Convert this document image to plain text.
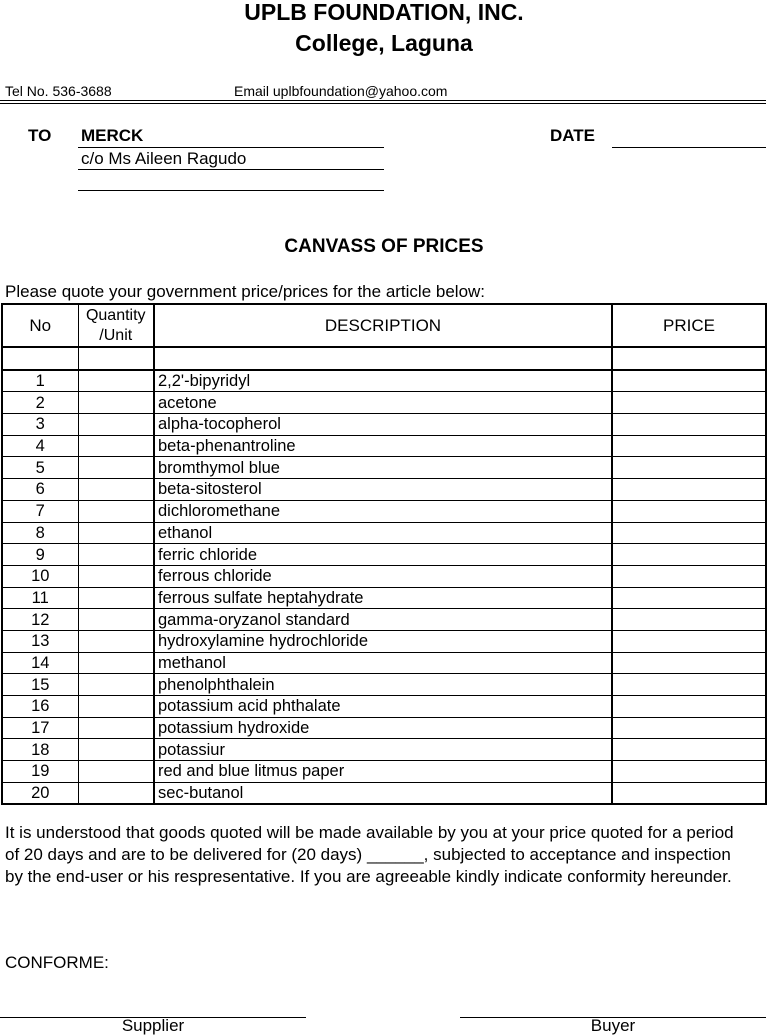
UPLB FOUNDATION, INC.
College, Laguna
Tel No. 536-3688	Email uplbfoundation@yahoo.com
TO MERCK
c/o Ms Aileen Ragudo
DATE
CANVASS OF PRICES
Please quote your government price/prices for the article below:
No	Quantity /Unit	DESCRIPTION	PRICE

1		2,2'-bipyridyl	
2		acetone	
3		alpha-tocopherol	
4		beta-phenantroline	
5		bromthymol blue	
6		beta-sitosterol	
7		dichloromethane	
8		ethanol	
9		ferric chloride	
10		ferrous chloride	
11		ferrous sulfate heptahydrate	
12		gamma-oryzanol standard	
13		hydroxylamine hydrochloride	
14		methanol	
15		phenolphthalein	
16		potassium acid phthalate	
17		potassium hydroxide	
18		potassiur	
19		red and blue litmus paper	
20		sec-butanol	
It is understood that goods quoted will be made available by you at your price quoted for a period of 20 days and are to be delivered for (20 days) ______, subjected to acceptance and inspection by the end-user or his respresentative. If you are agreeable kindly indicate conformity hereunder.
CONFORME:
Supplier	Buyer
